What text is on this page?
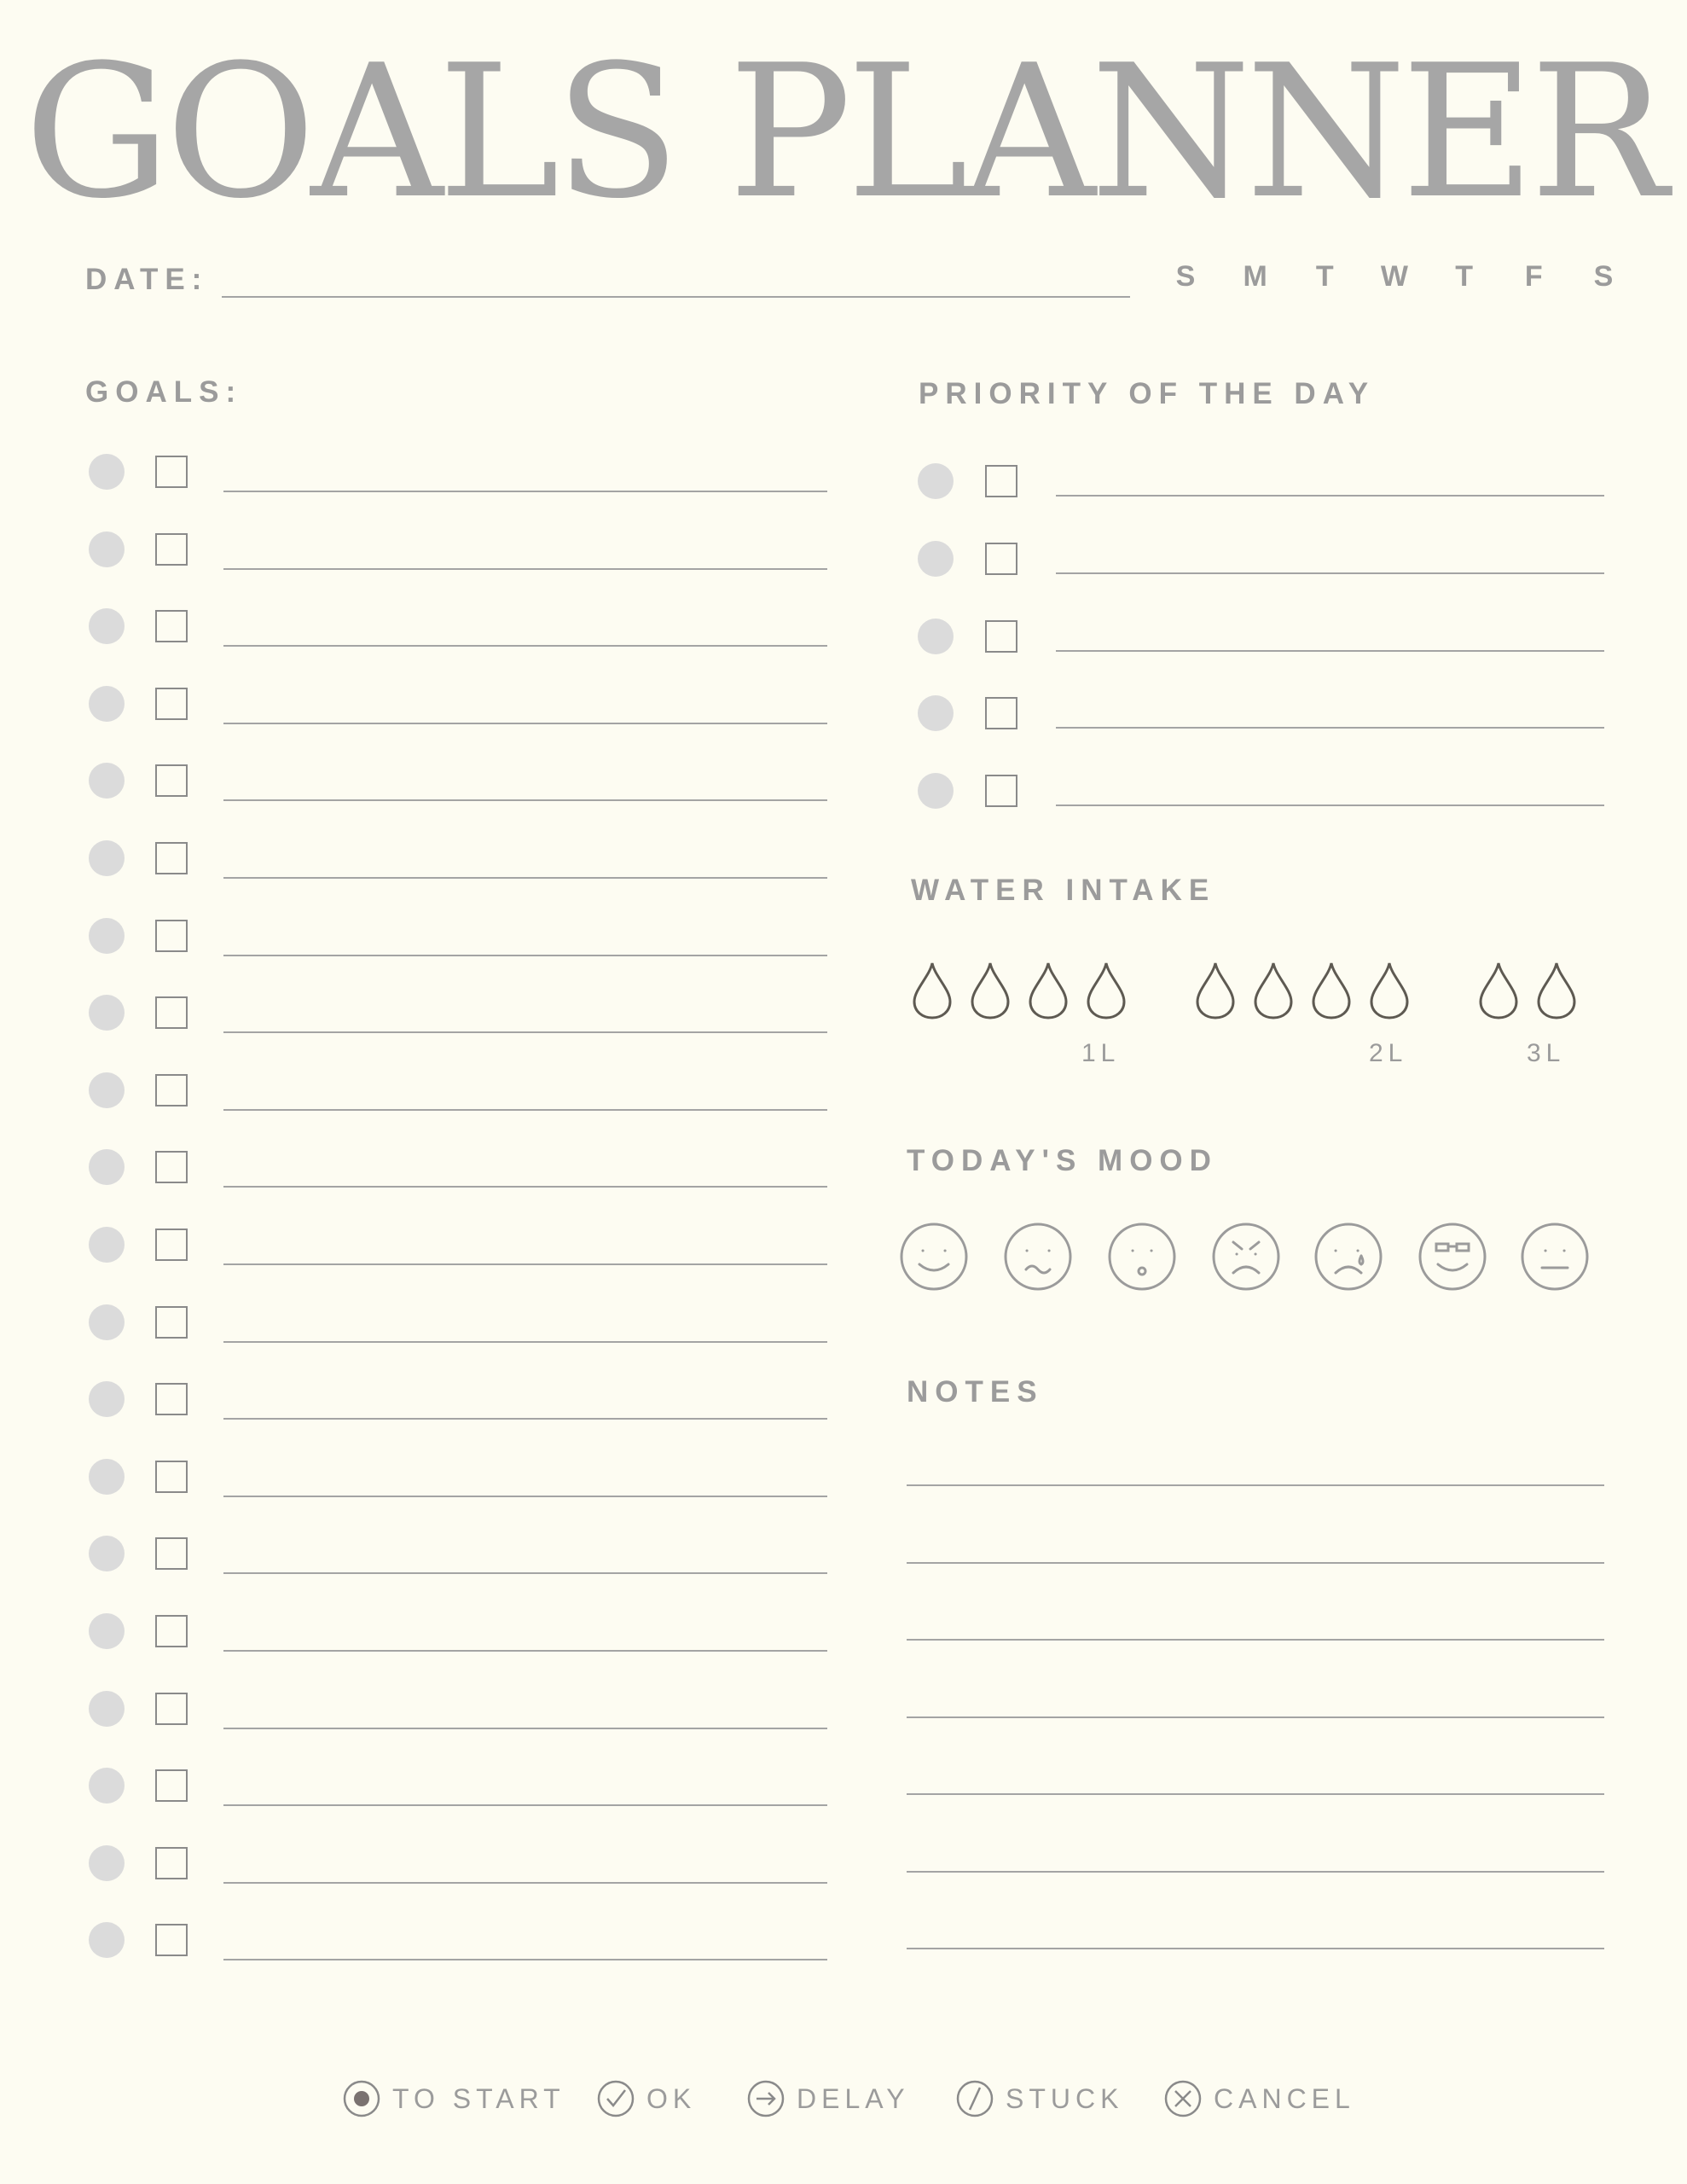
GOALS PLANNER
DATE:	S M T W T F S
GOALS:	PRIORITY OF THE DAY
WATER INTAKE
1L	2L	3L
TODAY'S MOOD
NOTES
TO START	OK	DELAY	STUCK	CANCEL
